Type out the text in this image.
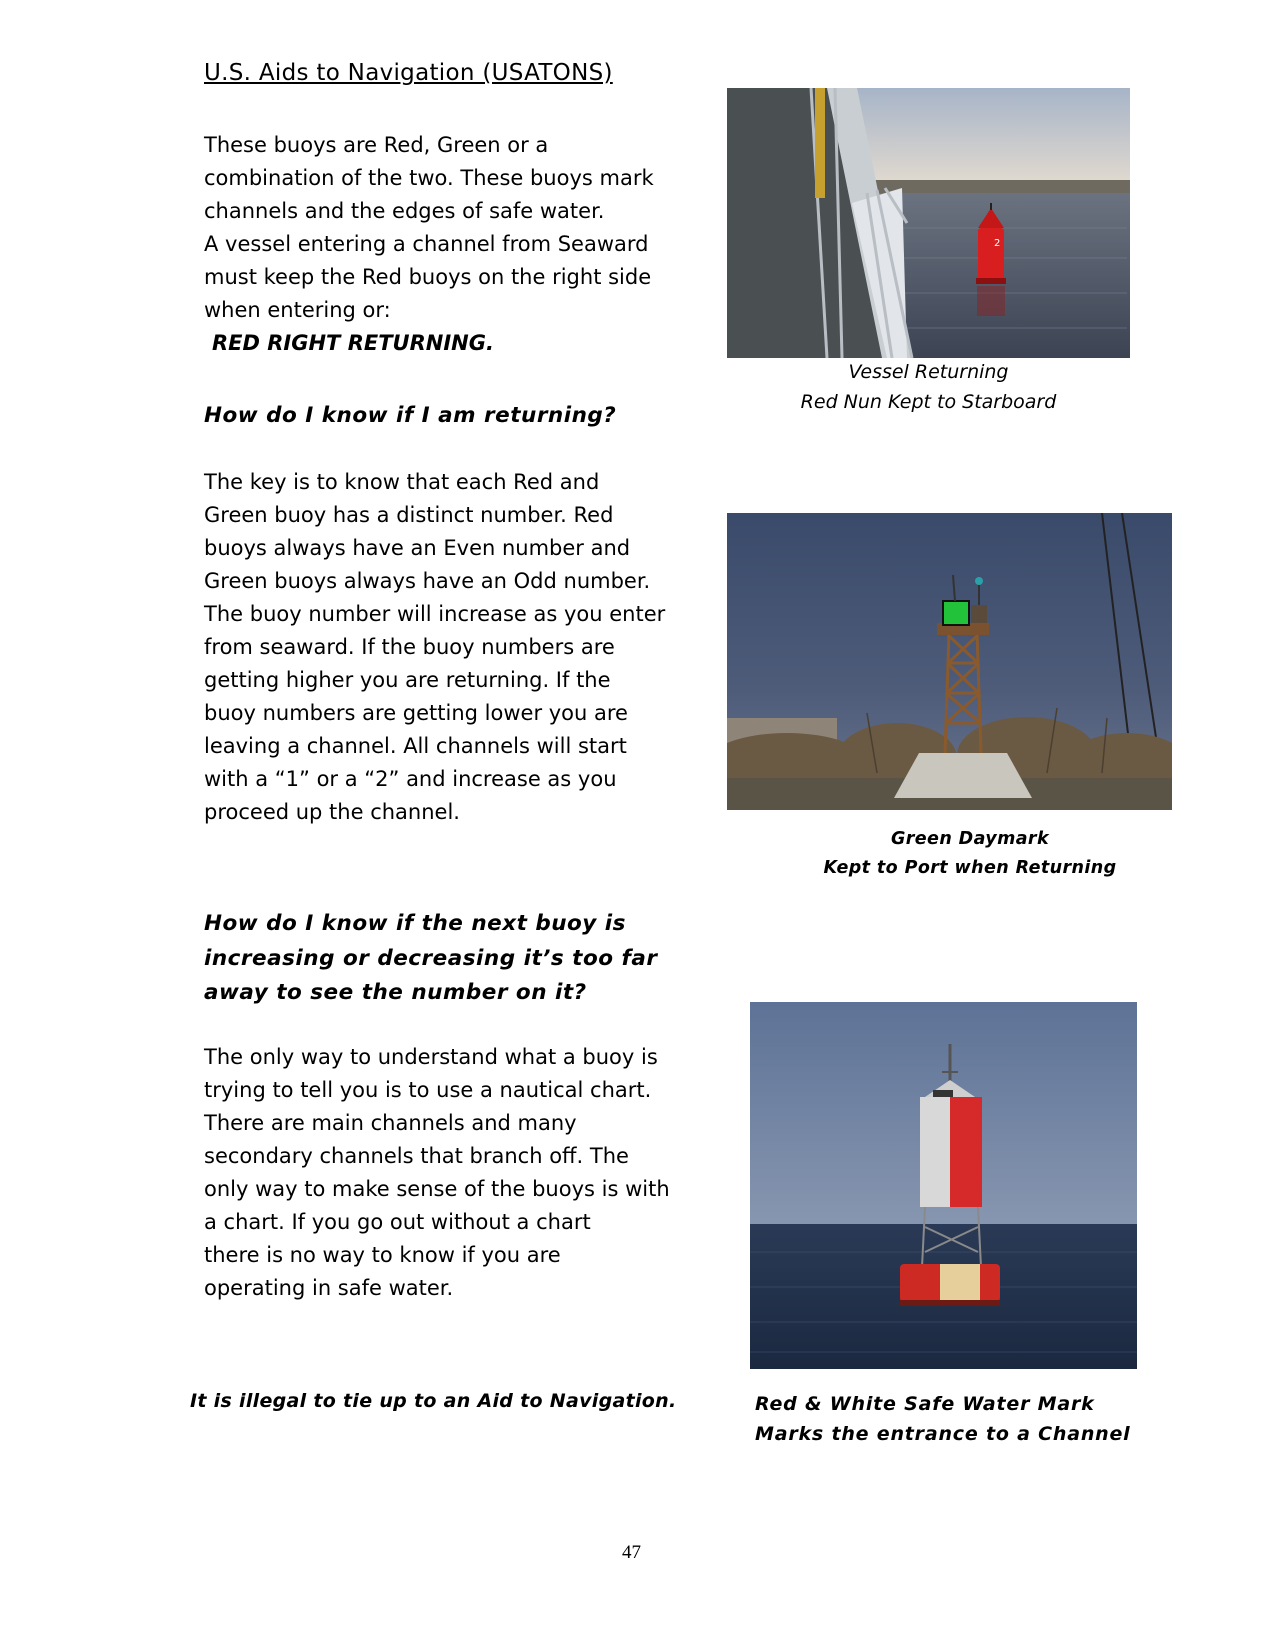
U.S. Aids to Navigation (USATONS)
These buoys are Red, Green or a
combination of the two. These buoys mark
channels and the edges of safe water.
A vessel entering a channel from Seaward
must keep the Red buoys on the right side
when entering or:
RED RIGHT RETURNING.
How do I know if I am returning?
The key is to know that each Red and
Green buoy has a distinct number. Red
buoys always have an Even number and
Green buoys always have an Odd number.
The buoy number will increase as you enter
from seaward. If the buoy numbers are
getting higher you are returning. If the
buoy numbers are getting lower you are
leaving a channel. All channels will start
with a “1” or a “2” and increase as you
proceed up the channel.
How do I know if the next buoy is
increasing or decreasing it’s too far
away to see the number on it?
The only way to understand what a buoy is
trying to tell you is to use a nautical chart.
There are main channels and many
secondary channels that branch off. The
only way to make sense of the buoys is with
a chart. If you go out without a chart
there is no way to know if you are
operating in safe water.
It is illegal to tie up to an Aid to Navigation.
2
Vessel Returning
Red Nun Kept to Starboard
Green Daymark
Kept to Port when Returning
Red & White Safe Water Mark
Marks the entrance to a Channel
47
